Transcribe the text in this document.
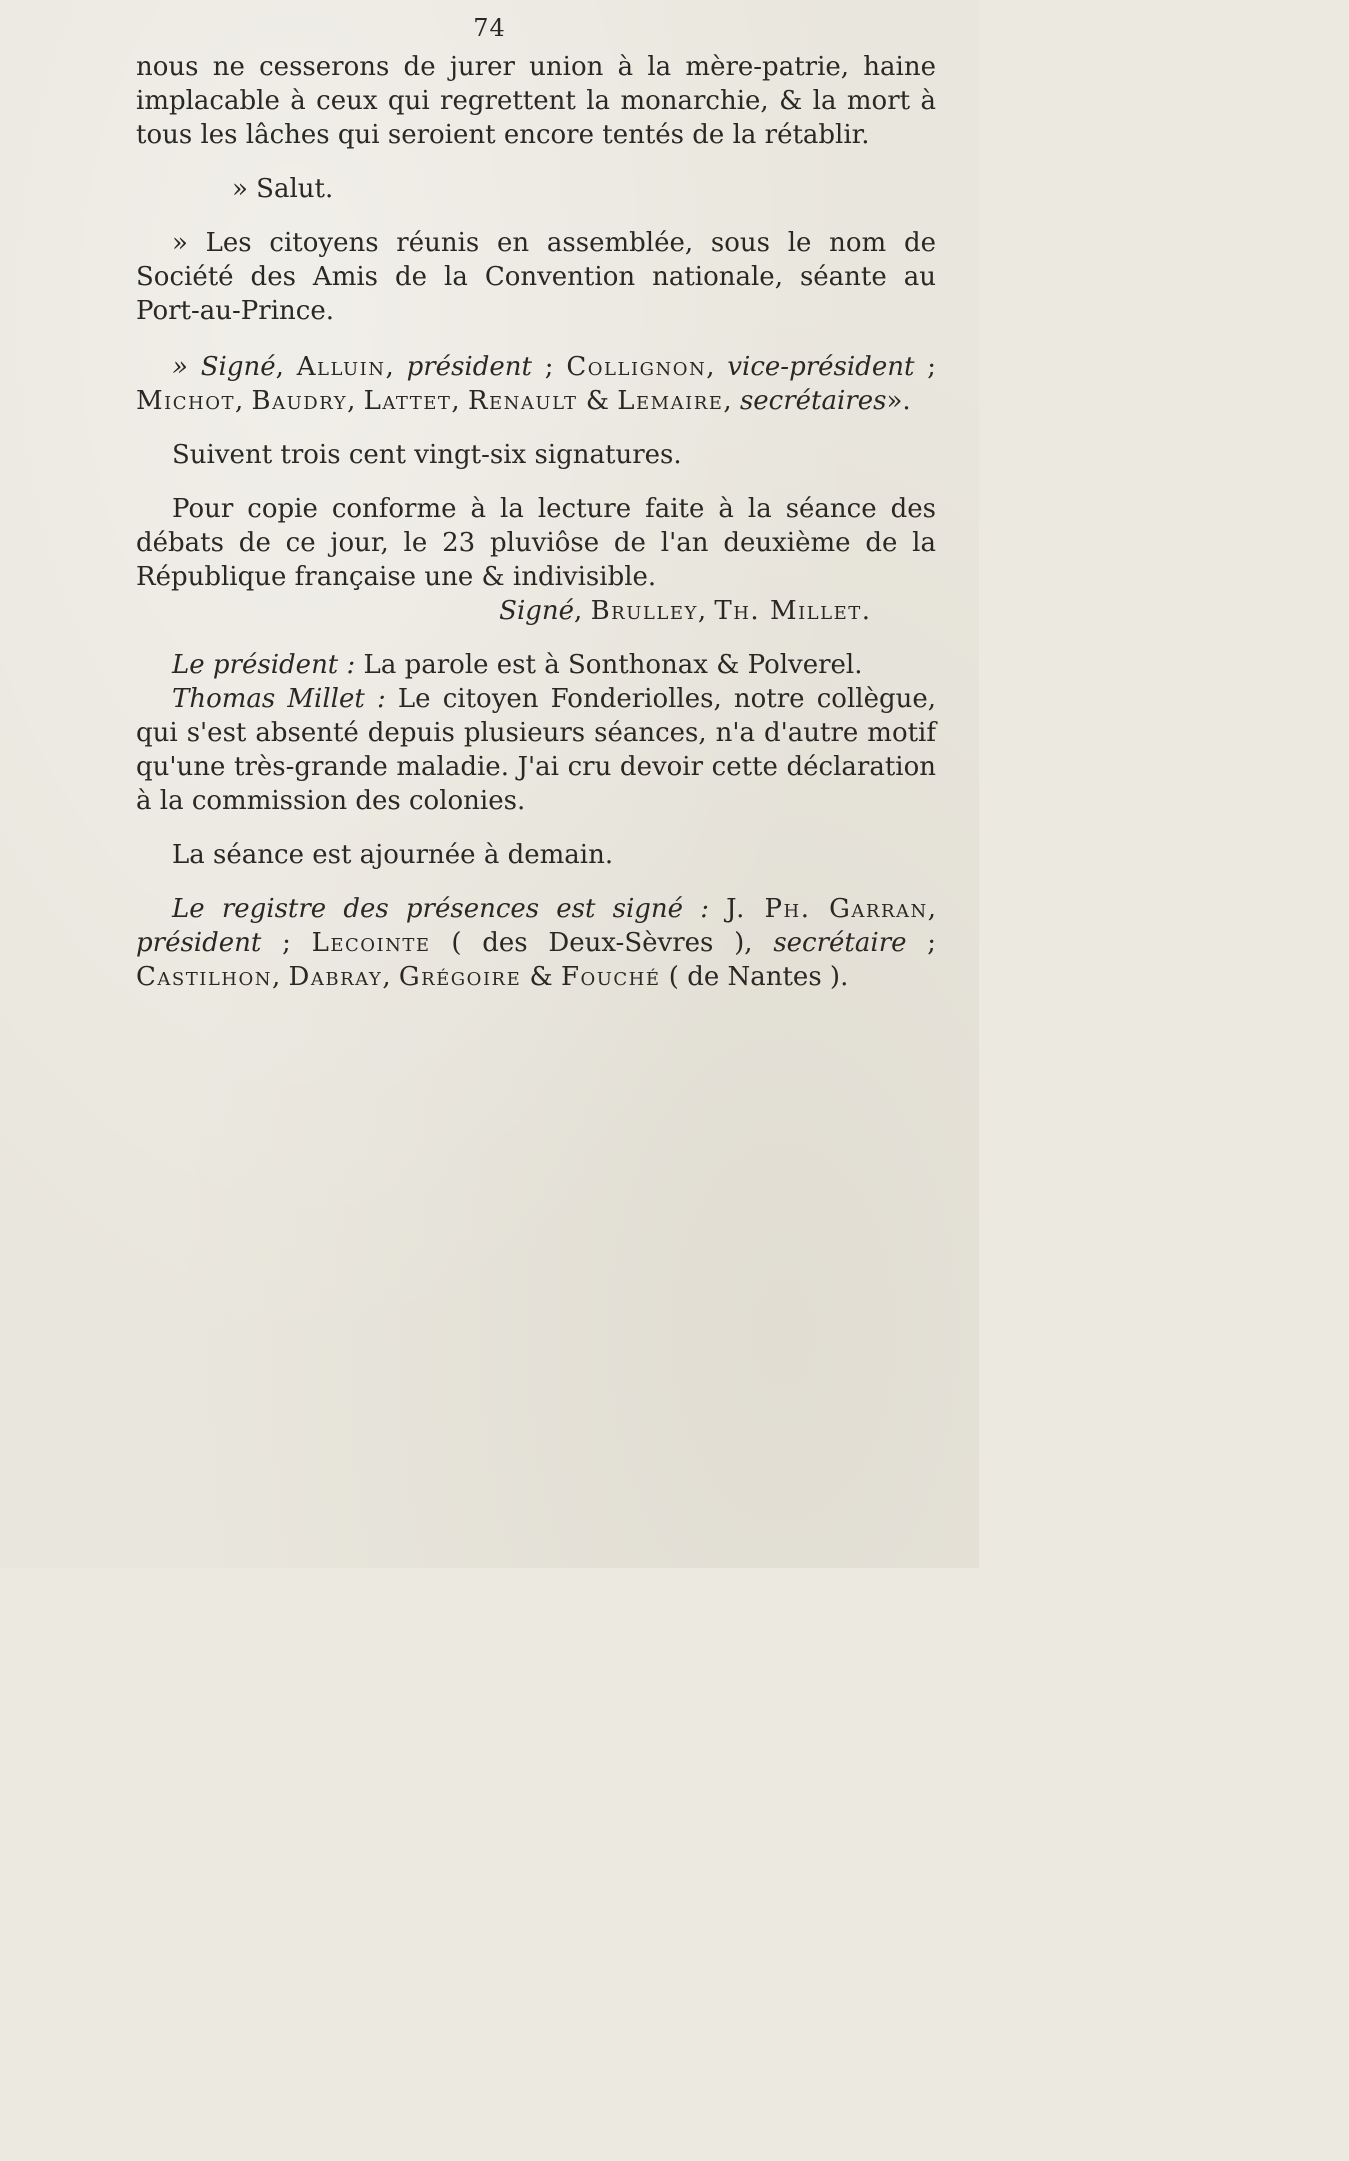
74

nous ne cesserons de jurer union à la mère-patrie, haine implacable à ceux qui regrettent la monarchie, & la mort à tous les lâches qui seroient encore tentés de la rétablir.

» Salut.

» Les citoyens réunis en assemblée, sous le nom de Société des Amis de la Convention nationale, séante au Port-au-Prince.

» Signé, Alluin, président ; Collignon, vice-président ; Michot, Baudry, Lattet, Renault & Lemaire, secrétaires».

Suivent trois cent vingt-six signatures.

Pour copie conforme à la lecture faite à la séance des débats de ce jour, le 23 pluviôse de l'an deuxième de la République française une & indivisible.

Signé, Brulley, Th. Millet.

Le président : La parole est à Sonthonax & Polverel.

Thomas Millet : Le citoyen Fonderiolles, notre collègue, qui s'est absenté depuis plusieurs séances, n'a d'autre motif qu'une très-grande maladie. J'ai cru devoir cette déclaration à la commission des colonies.

La séance est ajournée à demain.

Le registre des présences est signé : J. Ph. Garran, président ; Lecointe ( des Deux-Sèvres ), secrétaire ; Castilhon, Dabray, Grégoire & Fouché ( de Nantes ).
